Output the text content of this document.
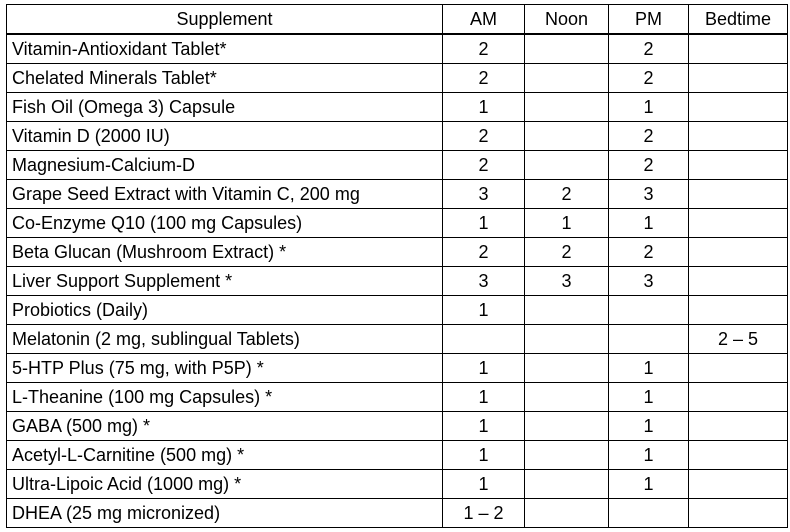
Supplement	AM	Noon	PM	Bedtime
Vitamin-Antioxidant Tablet*	2		2	
Chelated Minerals Tablet*	2		2	
Fish Oil (Omega 3) Capsule	1		1	
Vitamin D (2000 IU)	2		2	
Magnesium-Calcium-D	2		2	
Grape Seed Extract with Vitamin C, 200 mg	3	2	3	
Co-Enzyme Q10 (100 mg Capsules)	1	1	1	
Beta Glucan (Mushroom Extract) *	2	2	2	
Liver Support Supplement *	3	3	3	
Probiotics (Daily)	1			
Melatonin (2 mg, sublingual Tablets)				2 – 5
5-HTP Plus (75 mg, with P5P) *	1		1	
L-Theanine (100 mg Capsules) *	1		1	
GABA (500 mg) *	1		1	
Acetyl-L-Carnitine (500 mg) *	1		1	
Ultra-Lipoic Acid (1000 mg) *	1		1	
DHEA (25 mg micronized)	1 – 2			
